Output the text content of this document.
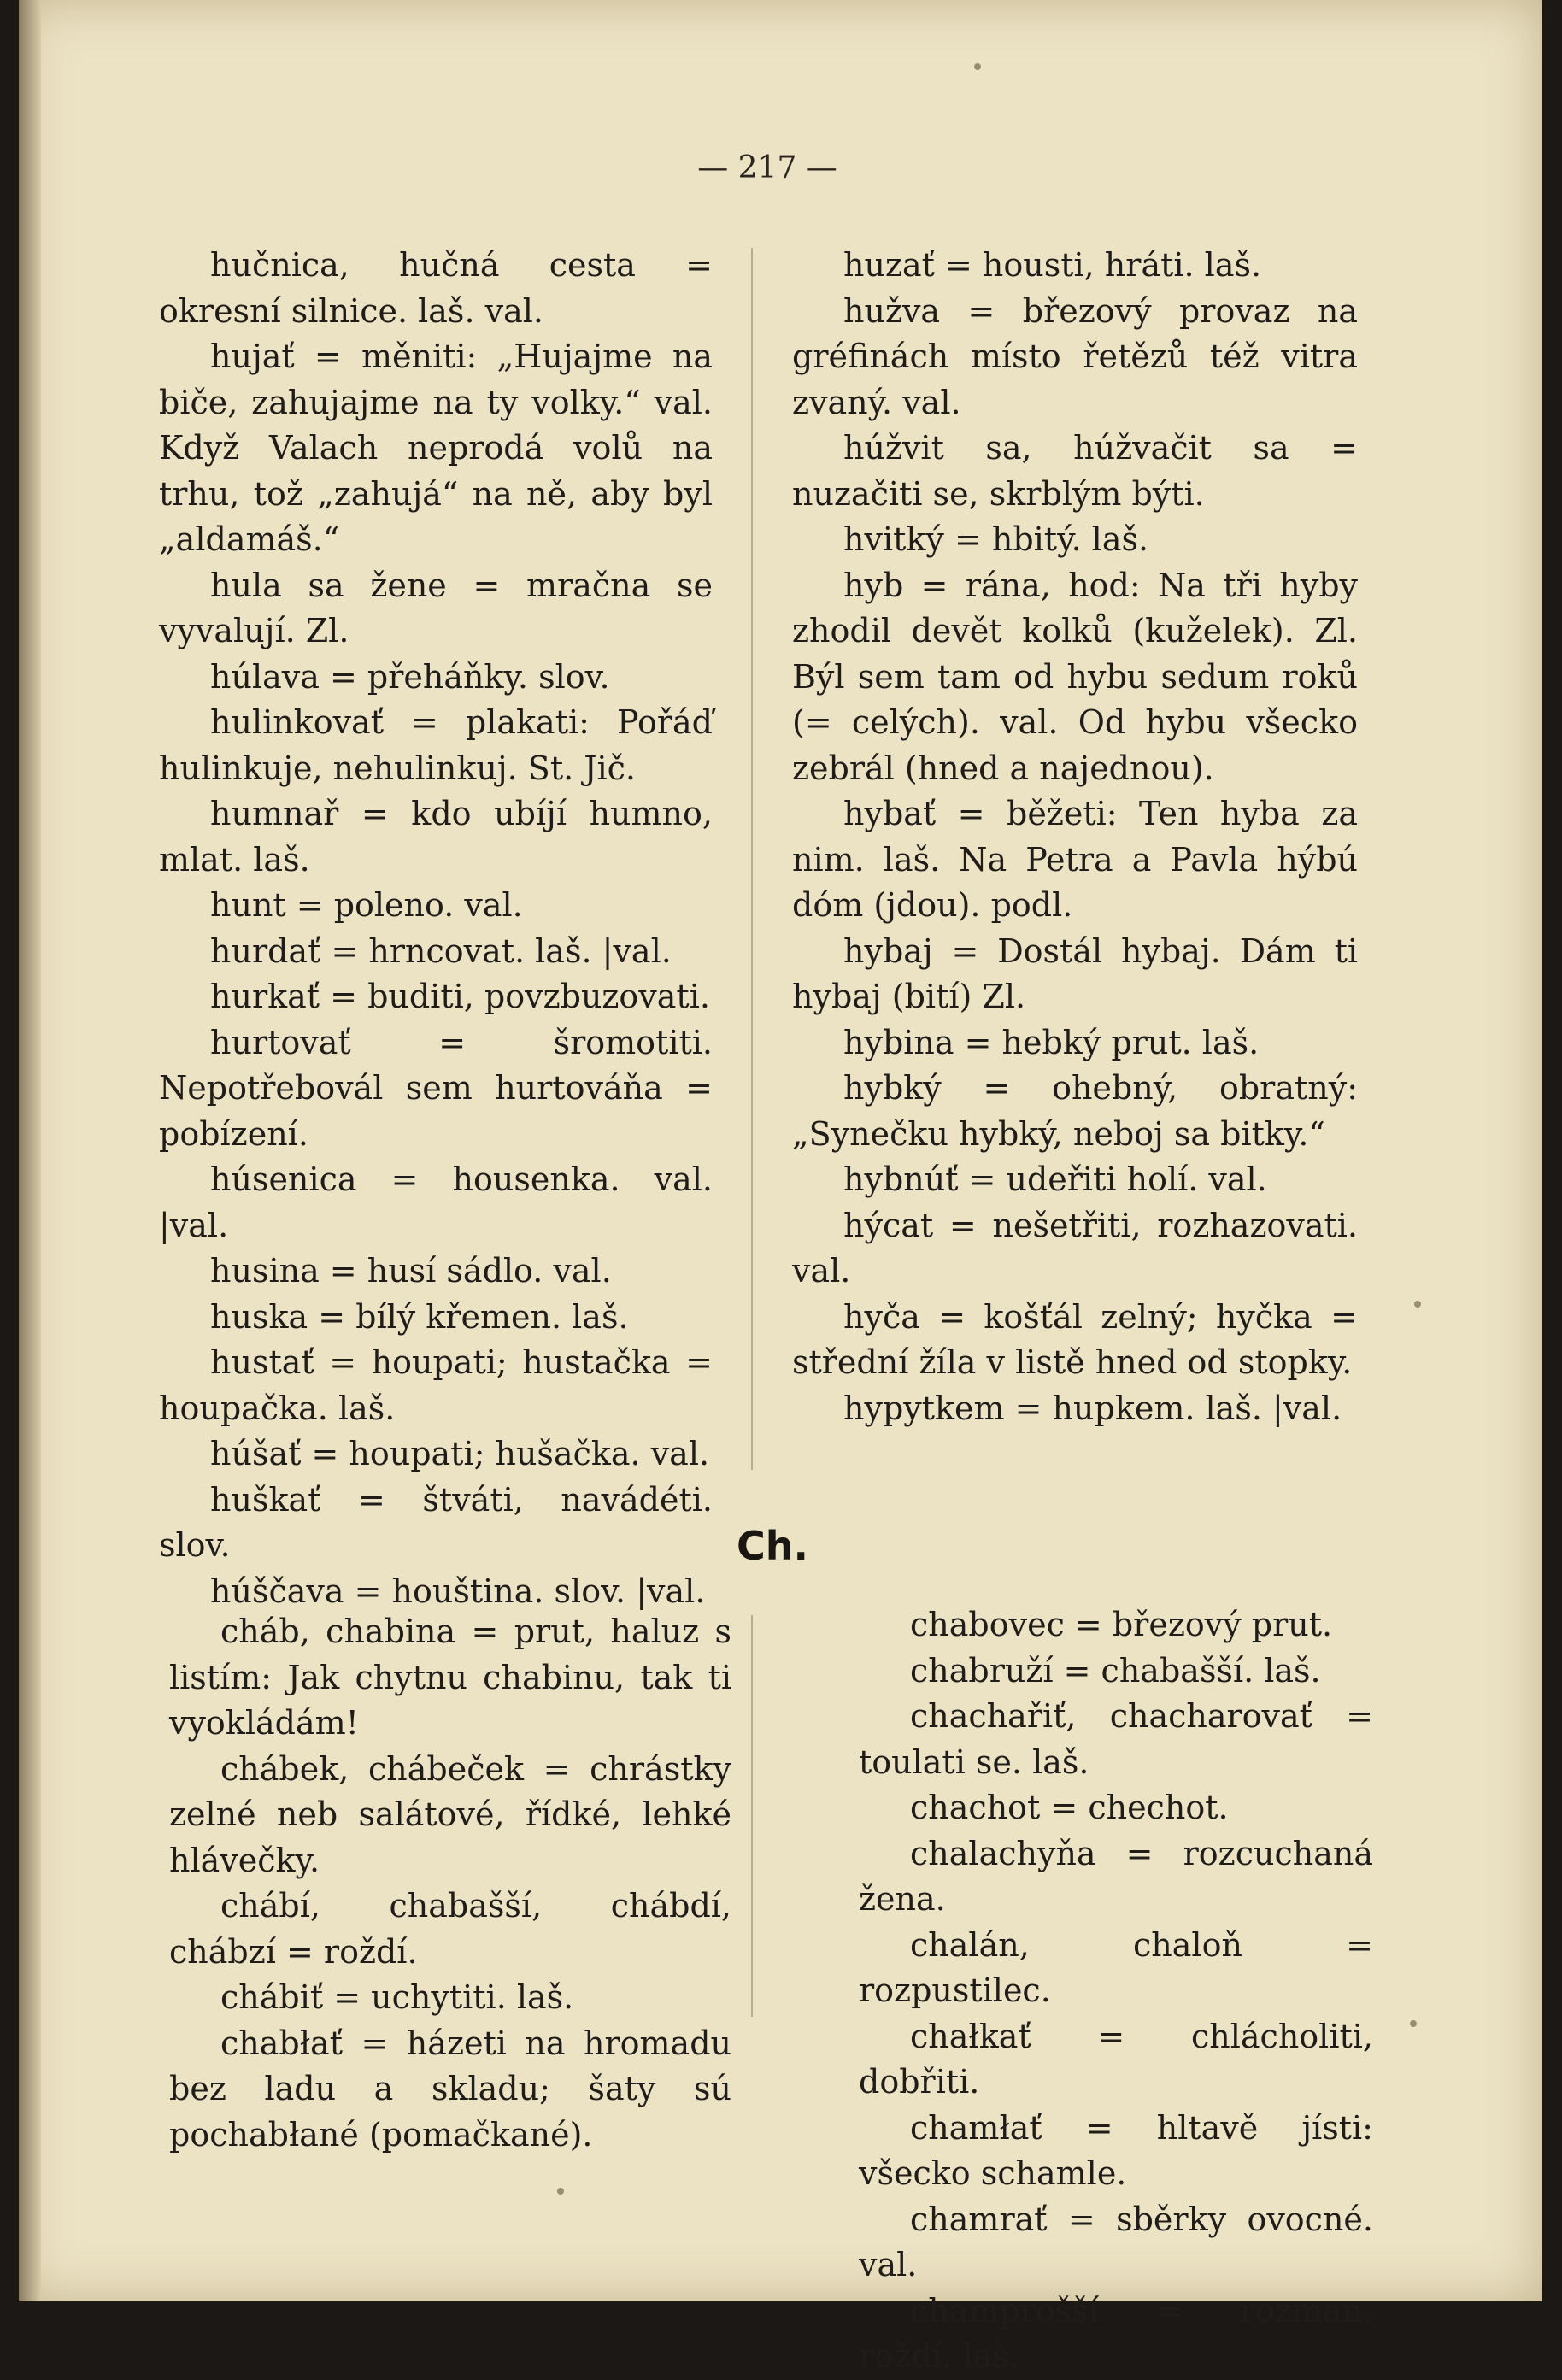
— 217 —

hučnica, hučná cesta = okresní silnice. laš. val.

hujať = měniti: „Hujajme na biče, zahujajme na ty volky.“ val. Když Valach neprodá volů na trhu, tož „zahujá“ na ně, aby byl „aldamáš.“

hula sa žene = mračna se vyvalují. Zl.

húlava = přeháňky. slov.

hulinkovať = plakati: Pořáď hulinkuje, nehulinkuj. St. Jič.

humnař = kdo ubíjí humno, mlat. laš.

hunt = poleno. val.

hurdať = hrncovat. laš. |val.

hurkať = buditi, povzbuzovati.

hurtovať = šromotiti. Nepotřebovál sem hurtováňa = pobízení.

húsenica = housenka. val. |val.

husina = husí sádlo. val.

huska = bílý křemen. laš.

hustať = houpati; hustačka = houpačka. laš.

húšať = houpati; hušačka. val.

huškať = štváti, navádéti. slov.

húščava = houština. slov. |val.

huzať = housti, hráti. laš.

hužva = březový provaz na gréfinách místo řetězů též vitra zvaný. val.

húžvit sa, húžvačit sa = nuzačiti se, skrblým býti.

hvitký = hbitý. laš.

hyb = rána, hod: Na tři hyby zhodil devět kolků (kuželek). Zl. Býl sem tam od hybu sedum roků (= celých). val. Od hybu všecko zebrál (hned a najednou).

hybať = běžeti: Ten hyba za nim. laš. Na Petra a Pavla hýbú dóm (jdou). podl.

hybaj = Dostál hybaj. Dám ti hybaj (bití) Zl.

hybina = hebký prut. laš.

hybký = ohebný, obratný: „Synečku hybký, neboj sa bitky.“

hybnúť = udeřiti holí. val.

hýcat = nešetřiti, rozhazovati. val.

hyča = košťál zelný; hyčka = střední žíla v listě hned od stopky.

hypytkem = hupkem. laš. |val.

Ch.

cháb, chabina = prut, haluz s listím: Jak chytnu chabinu, tak ti vyokládám!

chábek, chábeček = chrástky zelné neb salátové, řídké, lehké hlávečky.

chábí, chabašší, chábdí, chábzí = roždí.

chábiť = uchytiti. laš.

chabłať = házeti na hromadu bez ladu a skladu; šaty sú pochabłané (pomačkané).

chabovec = březový prut.

chabruží = chabašší. laš.

chachařiť, chacharovať = toulati se. laš.

chachot = chechot.

chalachyňa = rozcuchaná žena.

chalán, chaloň = rozpustilec.

chałkať = chlácholiti, dobřiti.

chamłať = hltavě jísti: všecko schamle.

chamrať = sběrky ovocné. val.

champrošší = rozman. roždí. laš.
